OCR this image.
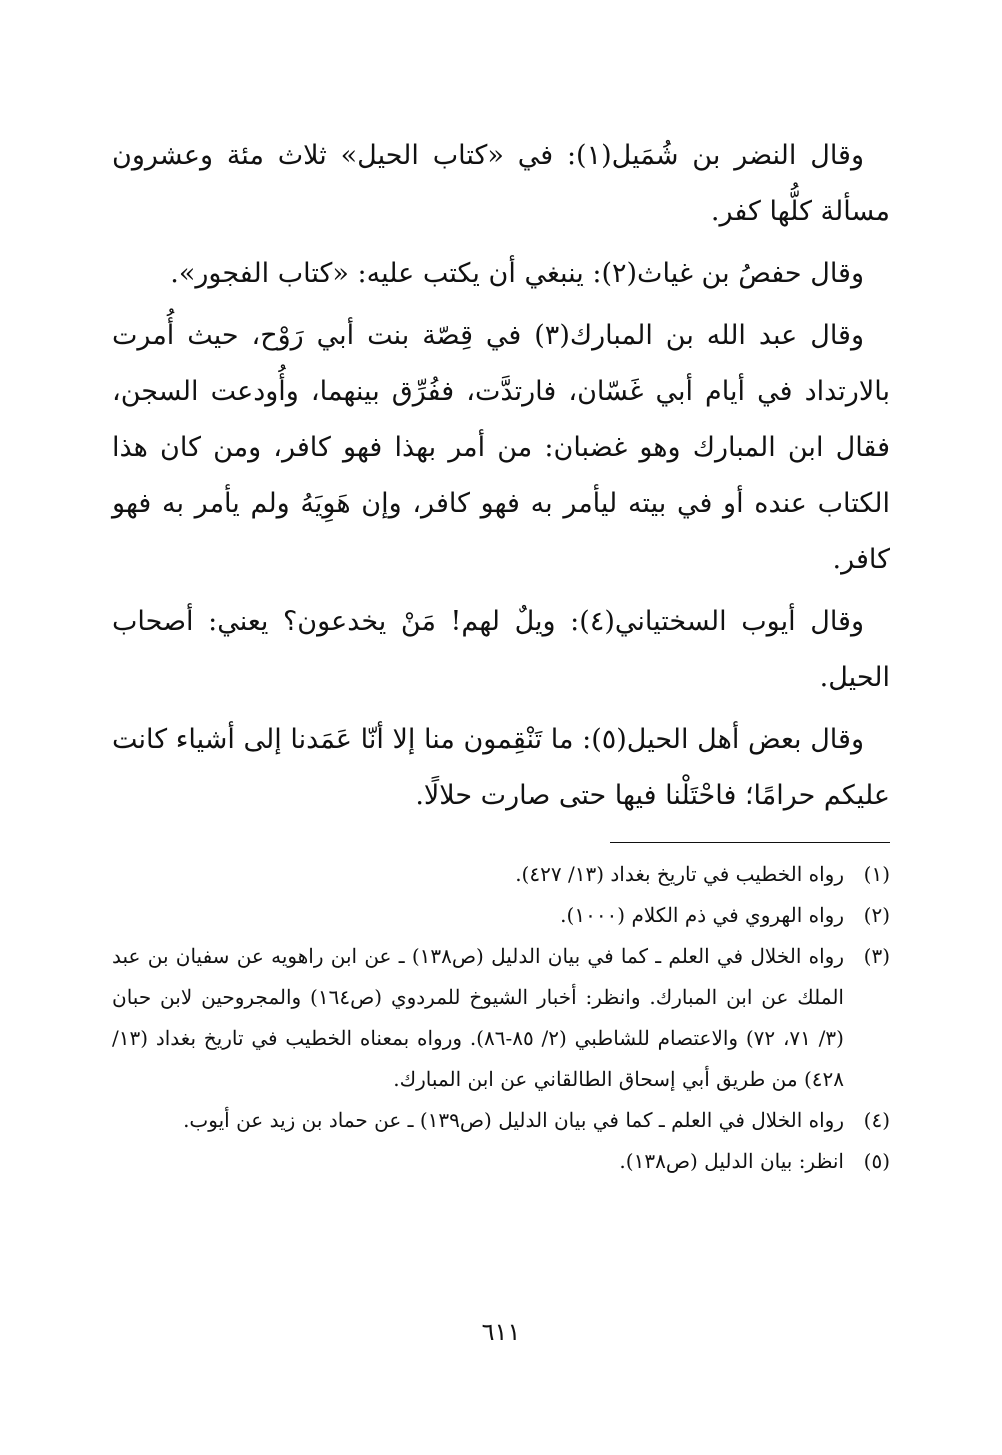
وقال النضر بن شُمَيل(١): في «كتاب الحيل» ثلاث مئة وعشرون مسألة كلُّها كفر.

وقال حفصُ بن غياث(٢): ينبغي أن يكتب عليه: «كتاب الفجور».

وقال عبد الله بن المبارك(٣) في قِصّة بنت أبي رَوْح، حيث أُمرت بالارتداد في أيام أبي غَسّان، فارتدَّت، ففُرِّق بينهما، وأُودعت السجن، فقال ابن المبارك وهو غضبان: من أمر بهذا فهو كافر، ومن كان هذا الكتاب عنده أو في بيته ليأمر به فهو كافر، وإن هَوِيَهُ ولم يأمر به فهو كافر.

وقال أيوب السختياني(٤): ويلٌ لهم! مَنْ يخدعون؟ يعني: أصحاب الحيل.

وقال بعض أهل الحيل(٥): ما تَنْقِمون منا إلا أنّا عَمَدنا إلى أشياء كانت عليكم حرامًا؛ فاحْتَلْنا فيها حتى صارت حلالًا.

(١)
رواه الخطيب في تاريخ بغداد (١٣/ ٤٢٧).
(٢)
رواه الهروي في ذم الكلام (١٠٠٠).
(٣)
رواه الخلال في العلم ـ كما في بيان الدليل (ص١٣٨) ـ عن ابن راهويه عن سفيان بن عبد الملك عن ابن المبارك. وانظر: أخبار الشيوخ للمردوي (ص١٦٤) والمجروحين لابن حبان (٣/ ٧١، ٧٢) والاعتصام للشاطبي (٢/ ٨٥-٨٦). ورواه بمعناه الخطيب في تاريخ بغداد (١٣/ ٤٢٨) من طريق أبي إسحاق الطالقاني عن ابن المبارك.
(٤)
رواه الخلال في العلم ـ كما في بيان الدليل (ص١٣٩) ـ عن حماد بن زيد عن أيوب.
(٥)
انظر: بيان الدليل (ص١٣٨).
٦١١
